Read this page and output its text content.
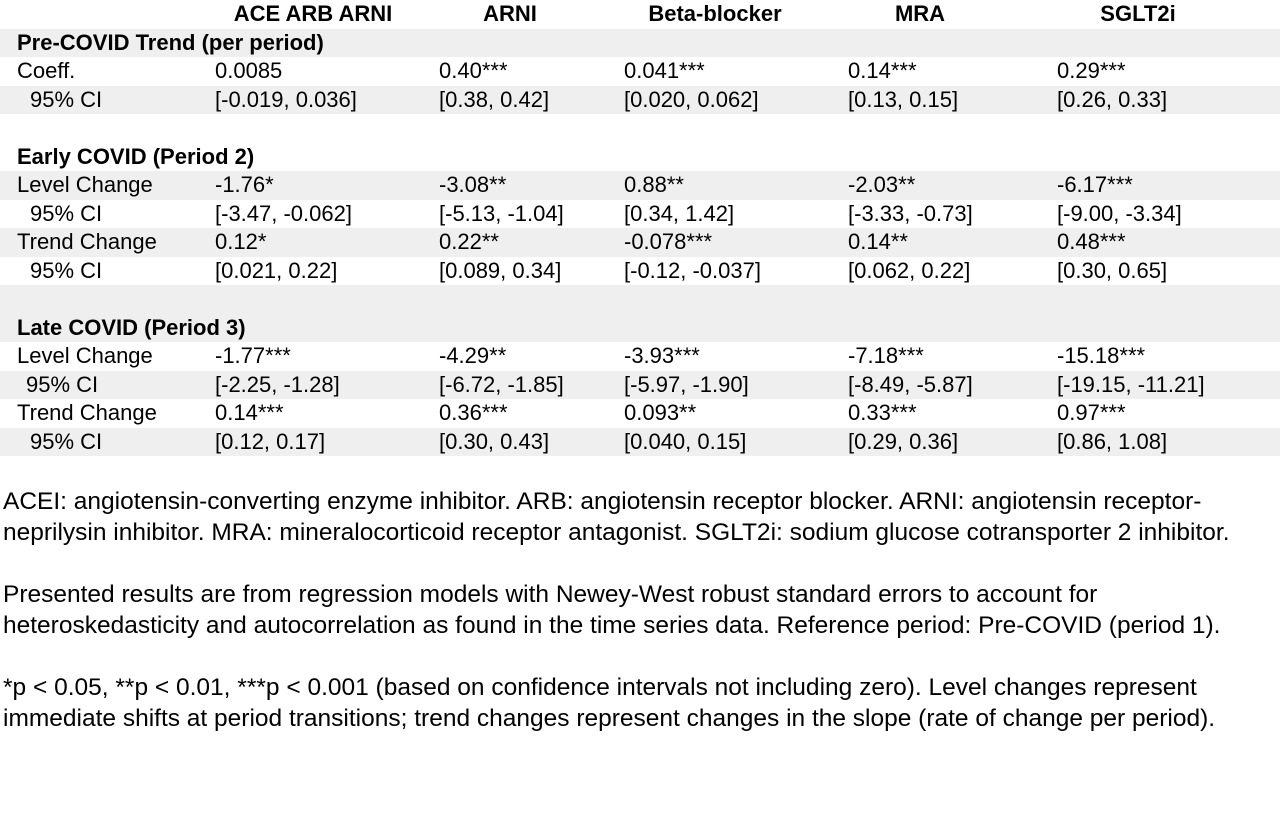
ACE ARB ARNI	ARNI	Beta-blocker	MRA	SGLT2i
Pre-COVID Trend (per period)
Coeff.	0.0085	0.40***	0.041***	0.14***	0.29***
95% CI	[-0.019, 0.036]	[0.38, 0.42]	[0.020, 0.062]	[0.13, 0.15]	[0.26, 0.33]
Early COVID (Period 2)
Level Change	-1.76*	-3.08**	0.88**	-2.03**	-6.17***
95% CI	[-3.47, -0.062]	[-5.13, -1.04]	[0.34, 1.42]	[-3.33, -0.73]	[-9.00, -3.34]
Trend Change	0.12*	0.22**	-0.078***	0.14**	0.48***
95% CI	[0.021, 0.22]	[0.089, 0.34]	[-0.12, -0.037]	[0.062, 0.22]	[0.30, 0.65]
Late COVID (Period 3)
Level Change	-1.77***	-4.29**	-3.93***	-7.18***	-15.18***
95% CI	[-2.25, -1.28]	[-6.72, -1.85]	[-5.97, -1.90]	[-8.49, -5.87]	[-19.15, -11.21]
Trend Change	0.14***	0.36***	0.093**	0.33***	0.97***
95% CI	[0.12, 0.17]	[0.30, 0.43]	[0.040, 0.15]	[0.29, 0.36]	[0.86, 1.08]

ACEI: angiotensin-converting enzyme inhibitor. ARB: angiotensin receptor blocker. ARNI: angiotensin receptor-neprilysin inhibitor. MRA: mineralocorticoid receptor antagonist. SGLT2i: sodium glucose cotransporter 2 inhibitor.

Presented results are from regression models with Newey-West robust standard errors to account for heteroskedasticity and autocorrelation as found in the time series data. Reference period: Pre-COVID (period 1).

*p < 0.05, **p < 0.01, ***p < 0.001 (based on confidence intervals not including zero). Level changes represent immediate shifts at period transitions; trend changes represent changes in the slope (rate of change per period).
